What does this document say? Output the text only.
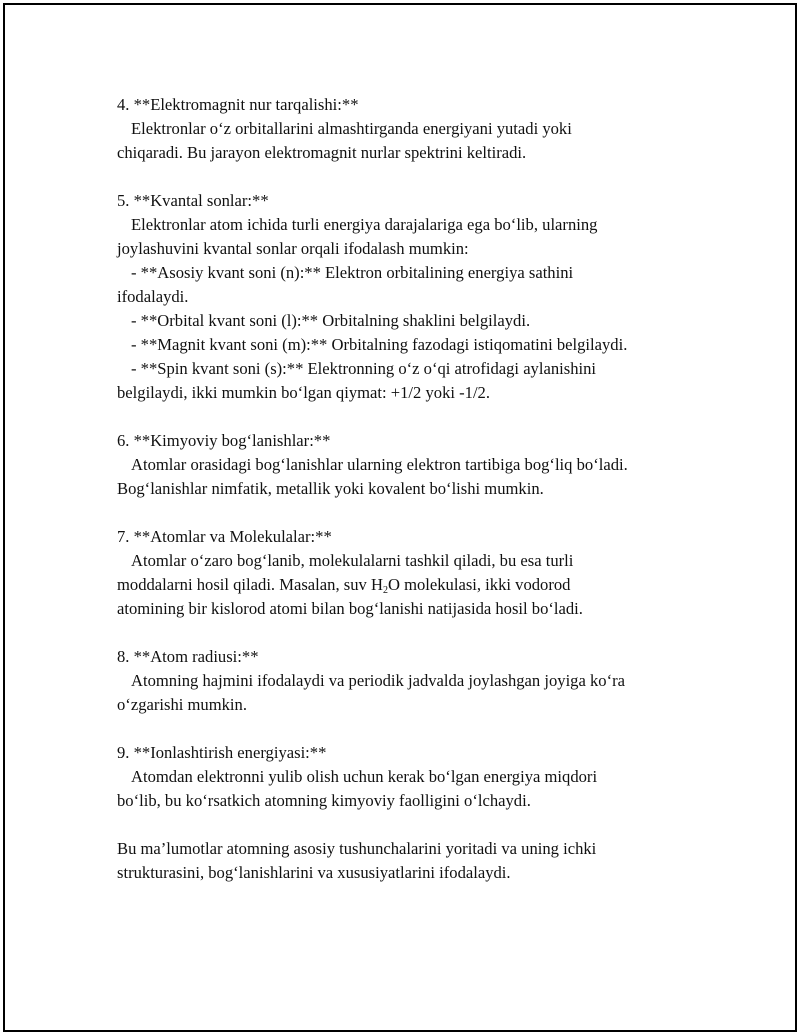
4. **Elektromagnit nur tarqalishi:**
Elektronlar o‘z orbitallarini almashtirganda energiyani yutadi yoki
chiqaradi. Bu jarayon elektromagnit nurlar spektrini keltiradi.
5. **Kvantal sonlar:**
Elektronlar atom ichida turli energiya darajalariga ega bo‘lib, ularning
joylashuvini kvantal sonlar orqali ifodalash mumkin:
- **Asosiy kvant soni (n):** Elektron orbitalining energiya sathini
ifodalaydi.
- **Orbital kvant soni (l):** Orbitalning shaklini belgilaydi.
- **Magnit kvant soni (m):** Orbitalning fazodagi istiqomatini belgilaydi.
- **Spin kvant soni (s):** Elektronning o‘z o‘qi atrofidagi aylanishini
belgilaydi, ikki mumkin bo‘lgan qiymat: +1/2 yoki -1/2.
6. **Kimyoviy bog‘lanishlar:**
Atomlar orasidagi bog‘lanishlar ularning elektron tartibiga bog‘liq bo‘ladi.
Bog‘lanishlar nimfatik, metallik yoki kovalent bo‘lishi mumkin.
7. **Atomlar va Molekulalar:**
Atomlar o‘zaro bog‘lanib, molekulalarni tashkil qiladi, bu esa turli
moddalarni hosil qiladi. Masalan, suv $H_2O$ molekulasi, ikki vodorod
atomining bir kislorod atomi bilan bog‘lanishi natijasida hosil bo‘ladi.
8. **Atom radiusi:**
Atomning hajmini ifodalaydi va periodik jadvalda joylashgan joyiga ko‘ra
o‘zgarishi mumkin.
9. **Ionlashtirish energiyasi:**
Atomdan elektronni yulib olish uchun kerak bo‘lgan energiya miqdori
bo‘lib, bu ko‘rsatkich atomning kimyoviy faolligini o‘lchaydi.
Bu ma’lumotlar atomning asosiy tushunchalarini yoritadi va uning ichki
strukturasini, bog‘lanishlarini va xususiyatlarini ifodalaydi.
